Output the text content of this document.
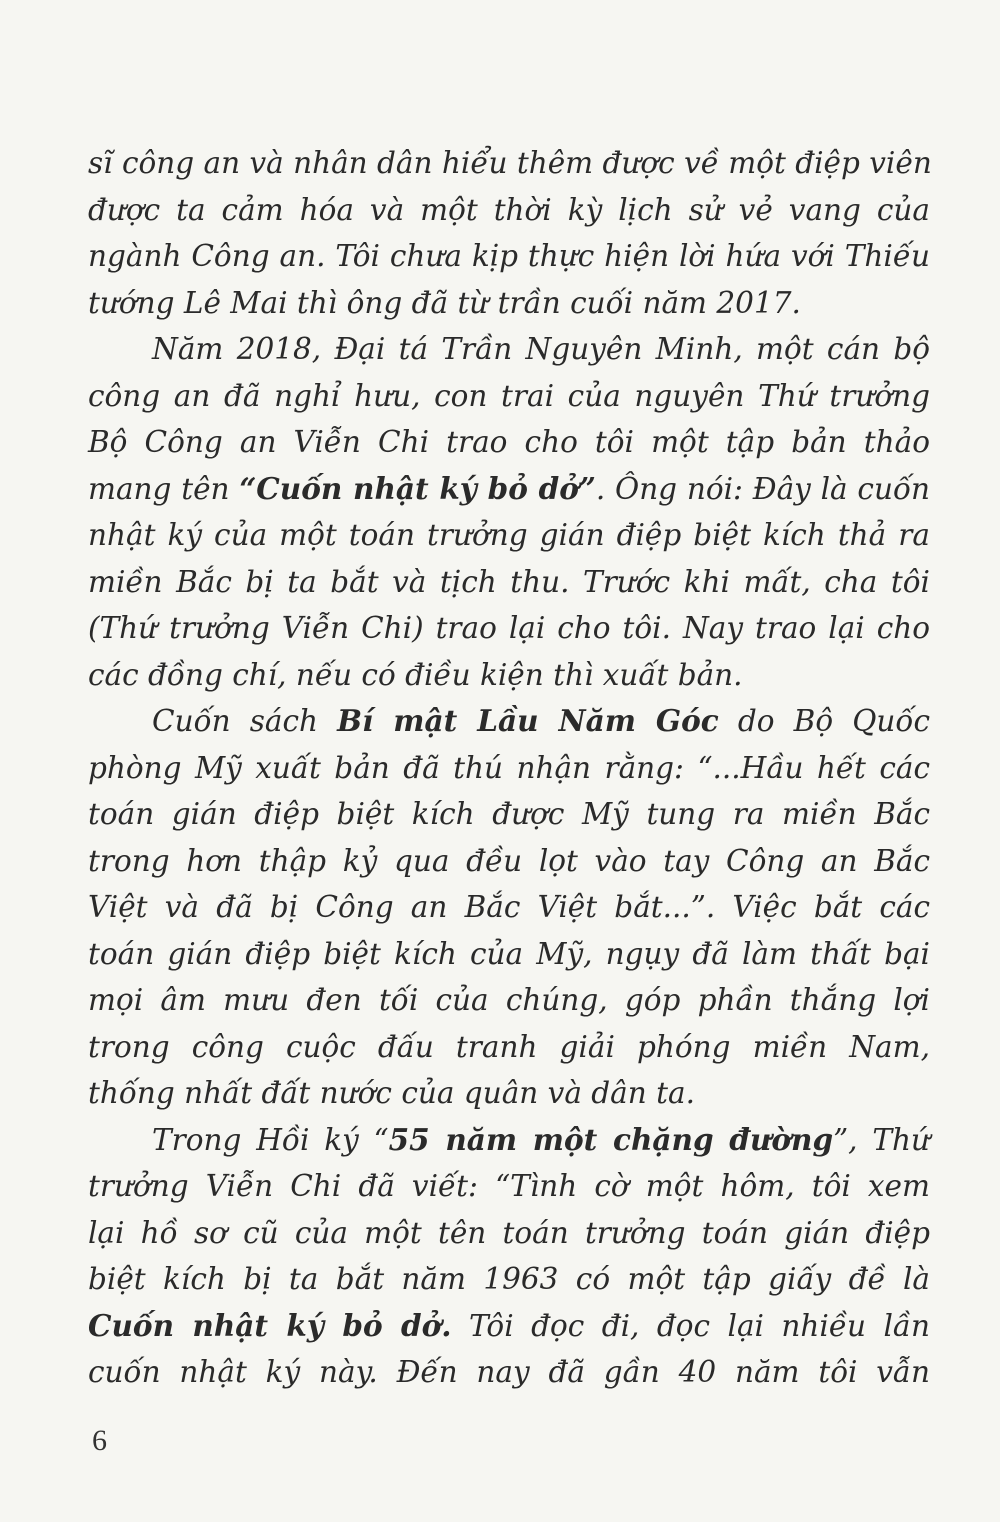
sĩ công an và nhân dân hiểu thêm được về một điệp viên
được ta cảm hóa và một thời kỳ lịch sử vẻ vang của
ngành Công an. Tôi chưa kịp thực hiện lời hứa với Thiếu
tướng Lê Mai thì ông đã từ trần cuối năm 2017.
Năm 2018, Đại tá Trần Nguyên Minh, một cán bộ
công an đã nghỉ hưu, con trai của nguyên Thứ trưởng
Bộ Công an Viễn Chi trao cho tôi một tập bản thảo
mang tên “Cuốn nhật ký bỏ dở”. Ông nói: Đây là cuốn
nhật ký của một toán trưởng gián điệp biệt kích thả ra
miền Bắc bị ta bắt và tịch thu. Trước khi mất, cha tôi
(Thứ trưởng Viễn Chi) trao lại cho tôi. Nay trao lại cho
các đồng chí, nếu có điều kiện thì xuất bản.
Cuốn sách Bí mật Lầu Năm Góc do Bộ Quốc
phòng Mỹ xuất bản đã thú nhận rằng: “...Hầu hết các
toán gián điệp biệt kích được Mỹ tung ra miền Bắc
trong hơn thập kỷ qua đều lọt vào tay Công an Bắc
Việt và đã bị Công an Bắc Việt bắt...”. Việc bắt các
toán gián điệp biệt kích của Mỹ, ngụy đã làm thất bại
mọi âm mưu đen tối của chúng, góp phần thắng lợi
trong công cuộc đấu tranh giải phóng miền Nam,
thống nhất đất nước của quân và dân ta.
Trong Hồi ký “55 năm một chặng đường”, Thứ
trưởng Viễn Chi đã viết: “Tình cờ một hôm, tôi xem
lại hồ sơ cũ của một tên toán trưởng toán gián điệp
biệt kích bị ta bắt năm 1963 có một tập giấy đề là
Cuốn nhật ký bỏ dở. Tôi đọc đi, đọc lại nhiều lần
cuốn nhật ký này. Đến nay đã gần 40 năm tôi vẫn
6
